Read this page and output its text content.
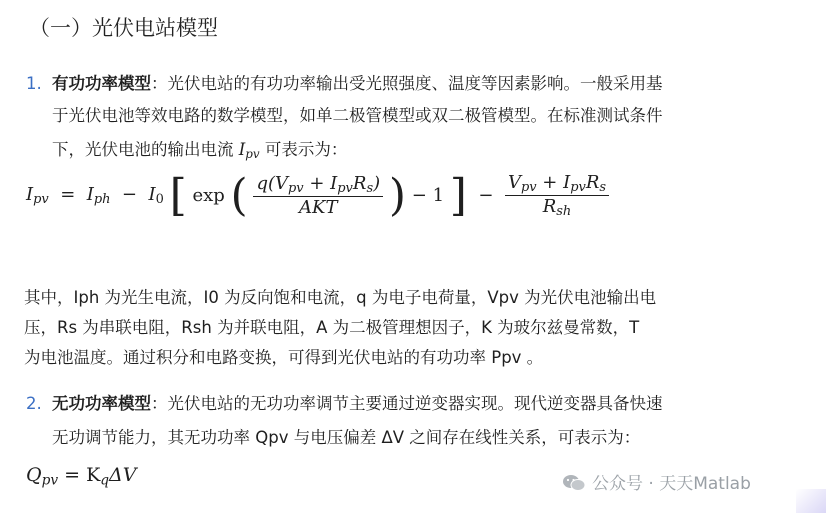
（一）光伏电站模型
1. 有功功率模型：光伏电站的有功功率输出受光照强度、温度等因素影响。一般采用基
于光伏电池等效电路的数学模型，如单二极管模型或双二极管模型。在标准测试条件
下，光伏电池的输出电流 $I_{pv}$ 可表示为：
$I_{pv} = I_{ph} - I_0$ [ exp ( $\frac{q(V_{pv} + I_{pv}R_s)}{\text{AKT}}$ ) − 1 ]  − $\frac{V_{pv} + I_{pv}R_s}{R_{sh}}$
其中，Iph 为光生电流，I0 为反向饱和电流，q 为电子电荷量，Vpv 为光伏电池输出电
压，Rs 为串联电阻，Rsh 为并联电阻，A 为二极管理想因子，K 为玻尔兹曼常数，T
为电池温度。通过积分和电路变换，可得到光伏电站的有功功率 Ppv 。
2. 无功功率模型：光伏电站的无功功率调节主要通过逆变器实现。现代逆变器具备快速
无功调节能力，其无功功率 Qpv 与电压偏差 ΔV 之间存在线性关系，可表示为：
$Q_{pv} = K_q\Delta V$	公众号 · 天天Matlab
